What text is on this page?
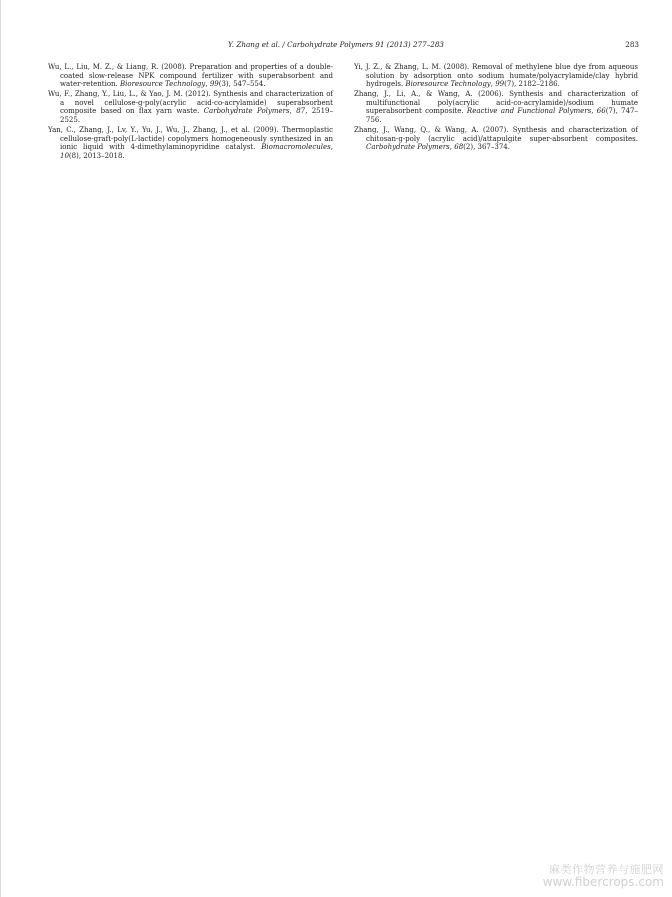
Y. Zhang et al. / Carbohydrate Polymers 91 (2013) 277–283	283

Wu, L., Liu, M. Z., & Liang, R. (2008). Preparation and properties of a double-coated slow-release NPK compound fertilizer with superabsorbent and water-retention. Bioresource Technology, 99(3), 547–554.

Wu, F., Zhang, Y., Liu, L., & Yao, J. M. (2012). Synthesis and characterization of a novel cellulose-g-poly(acrylic acid-co-acrylamide) superabsorbent composite based on flax yarn waste. Carbohydrate Polymers, 87, 2519–2525.

Yan, C., Zhang, J., Lv, Y., Yu, J., Wu, J., Zhang, J., et al. (2009). Thermoplastic cellulose-graft-poly(L-lactide) copolymers homogeneously synthesized in an ionic liquid with 4-dimethylaminopyridine catalyst. Biomacromolecules, 10(8), 2013–2018.

Yi, J. Z., & Zhang, L. M. (2008). Removal of methylene blue dye from aqueous solution by adsorption onto sodium humate/polyacrylamide/clay hybrid hydrogels. Bioresource Technology, 99(7), 2182–2186.

Zhang, J., Li, A., & Wang, A. (2006). Synthesis and characterization of multifunctional poly(acrylic acid-co-acrylamide)/sodium humate superabsorbent composite. Reactive and Functional Polymers, 66(7), 747–756.

Zhang, J., Wang, Q., & Wang, A. (2007). Synthesis and characterization of chitosan-g-poly (acrylic acid)/attapulgite super-absorbent composites. Carbohydrate Polymers, 68(2), 367–374.

麻类作物营养与施肥网
www.fibercrops.com
